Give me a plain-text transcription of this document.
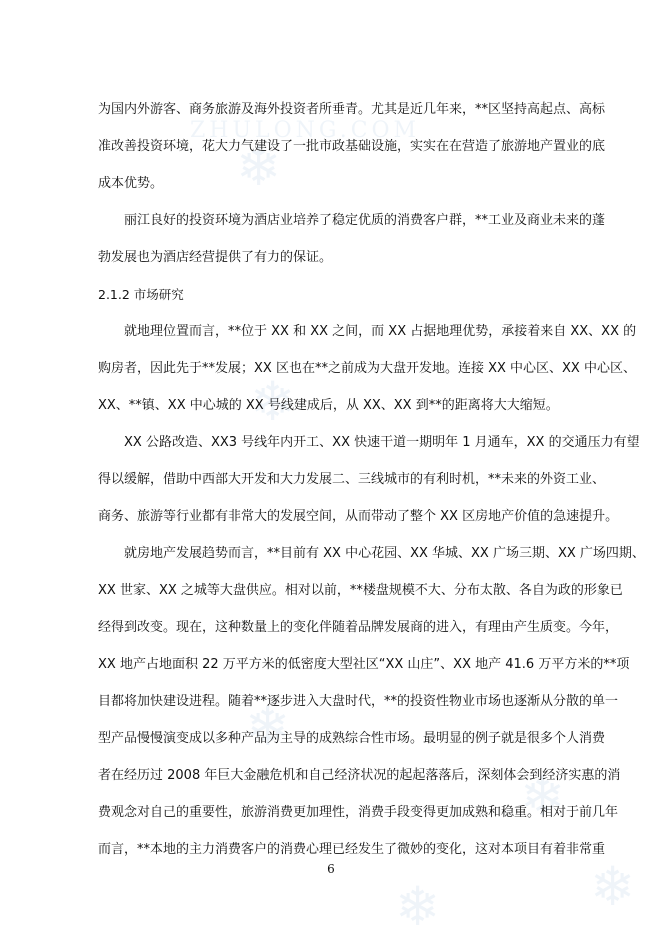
❄
ZHULONG.COM
❄
❄
❄
❄
❄

为国内外游客、商务旅游及海外投资者所垂青。尤其是近几年来，**区坚持高起点、高标

准改善投资环境，花大力气建设了一批市政基础设施，实实在在营造了旅游地产置业的底

成本优势。

丽江良好的投资环境为酒店业培养了稳定优质的消费客户群，**工业及商业未来的蓬

勃发展也为酒店经营提供了有力的保证。

2.1.2 市场研究

就地理位置而言，**位于 XX 和 XX 之间，而 XX 占据地理优势，承接着来自 XX、XX 的

购房者，因此先于**发展；XX 区也在**之前成为大盘开发地。连接 XX 中心区、XX 中心区、

XX、**镇、XX 中心城的 XX 号线建成后，从 XX、XX 到**的距离将大大缩短。

XX 公路改造、XX3 号线年内开工、XX 快速干道一期明年 1 月通车，XX 的交通压力有望

得以缓解，借助中西部大开发和大力发展二、三线城市的有利时机，**未来的外资工业、

商务、旅游等行业都有非常大的发展空间，从而带动了整个 XX 区房地产价值的急速提升。

就房地产发展趋势而言，**目前有 XX 中心花园、XX 华城、XX 广场三期、XX 广场四期、

XX 世家、XX 之城等大盘供应。相对以前，**楼盘规模不大、分布太散、各自为政的形象已

经得到改变。现在，这种数量上的变化伴随着品牌发展商的进入，有理由产生质变。今年，

XX 地产占地面积 22 万平方米的低密度大型社区“XX 山庄”、XX 地产 41.6 万平方米的**项

目都将加快建设进程。随着**逐步进入大盘时代，**的投资性物业市场也逐渐从分散的单一

型产品慢慢演变成以多种产品为主导的成熟综合性市场。最明显的例子就是很多个人消费

者在经历过 2008 年巨大金融危机和自己经济状况的起起落落后，深刻体会到经济实惠的消

费观念对自己的重要性，旅游消费更加理性，消费手段变得更加成熟和稳重。相对于前几年

而言，**本地的主力消费客户的消费心理已经发生了微妙的变化，这对本项目有着非常重

6
